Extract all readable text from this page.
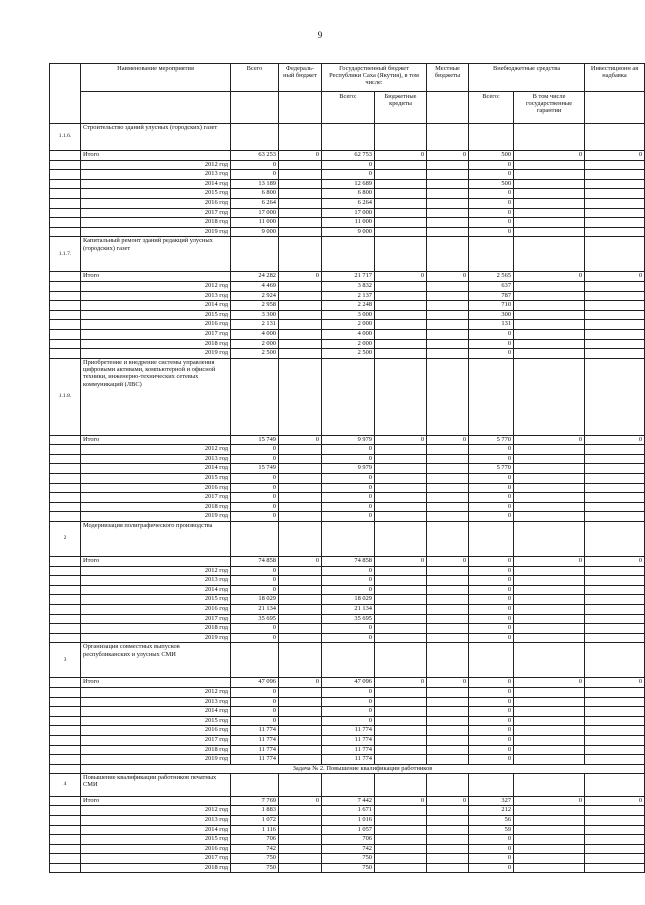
9
	Наименование мероприятия	Всего	Федераль-ный бюджет	Государственный бюджет Республики Саха (Якутия), в том числе:		Местные бюджеты	Внебюджетные средства		Инвестиционн ая надбавка
				Всего:	Бюджетные кредиты		Всего:	В том числе государственные гарантии	
1.1.6.	Строительство зданий улусных (городских) газет								
	Итого	63 253	0	62 753	0	0	500	0	0
	2012 год	0		0			0		
	2013 год	0		0			0		
	2014 год	13 189		12 689			500		
	2015 год	6 800		6 800			0		
	2016 год	6 264		6 264			0		
	2017 год	17 000		17 000			0		
	2018 год	11 000		11 000			0		
	2019 год	9 000		9 000			0		
1.1.7.	Капитальный ремонт зданий редакций улусных (городских) газет								
	Итого	24 282	0	21 717	0	0	2 565	0	0
	2012 год	4 469		3 832			637		
	2013 год	2 924		2 137			787		
	2014 год	2 958		2 248			710		
	2015 год	3 300		3 000			300		
	2016 год	2 131		2 000			131		
	2017 год	4 000		4 000			0		
	2018 год	2 000		2 000			0		
	2019 год	2 500		2 500			0		
1.1.8.	Приобретение и внедрение системы управления цифровыми активами, компьютерной и офисной техники, инженерно-технических сетевых коммуникаций (ЛВС)								
	Итого	15 749	0	9 979	0	0	5 770	0	0
	2012 год	0		0			0		
	2013 год	0		0			0		
	2014 год	15 749		9 979			5 770		
	2015 год	0		0			0		
	2016 год	0		0			0		
	2017 год	0		0			0		
	2018 год	0		0			0		
	2019 год	0		0			0		
2	Модернизация полиграфического производства								
	Итого	74 858	0	74 858	0	0	0	0	0
	2012 год	0		0			0		
	2013 год	0		0			0		
	2014 год	0		0			0		
	2015 год	18 029		18 029			0		
	2016 год	21 134		21 134			0		
	2017 год	35 695		35 695			0		
	2018 год	0		0			0		
	2019 год	0		0			0		
3	Организация совместных выпусков республиканских и улусных СМИ								
	Итого	47 096	0	47 096	0	0	0	0	0
	2012 год	0		0			0		
	2013 год	0		0			0		
	2014 год	0		0			0		
	2015 год	0		0			0		
	2016 год	11 774		11 774			0		
	2017 год	11 774		11 774			0		
	2018 год	11 774		11 774			0		
	2019 год	11 774		11 774			0		
	Задача № 2. Повышение квалификации работников								
4	Повышение квалификации работников печатных СМИ								
	Итого	7 769	0	7 442	0	0	327	0	0
	2012 год	1 883		1 671			212		
	2013 год	1 072		1 016			56		
	2014 год	1 116		1 057			59		
	2015 год	706		706			0		
	2016 год	742		742			0		
	2017 год	750		750			0		
	2018 год	750		750			0		
